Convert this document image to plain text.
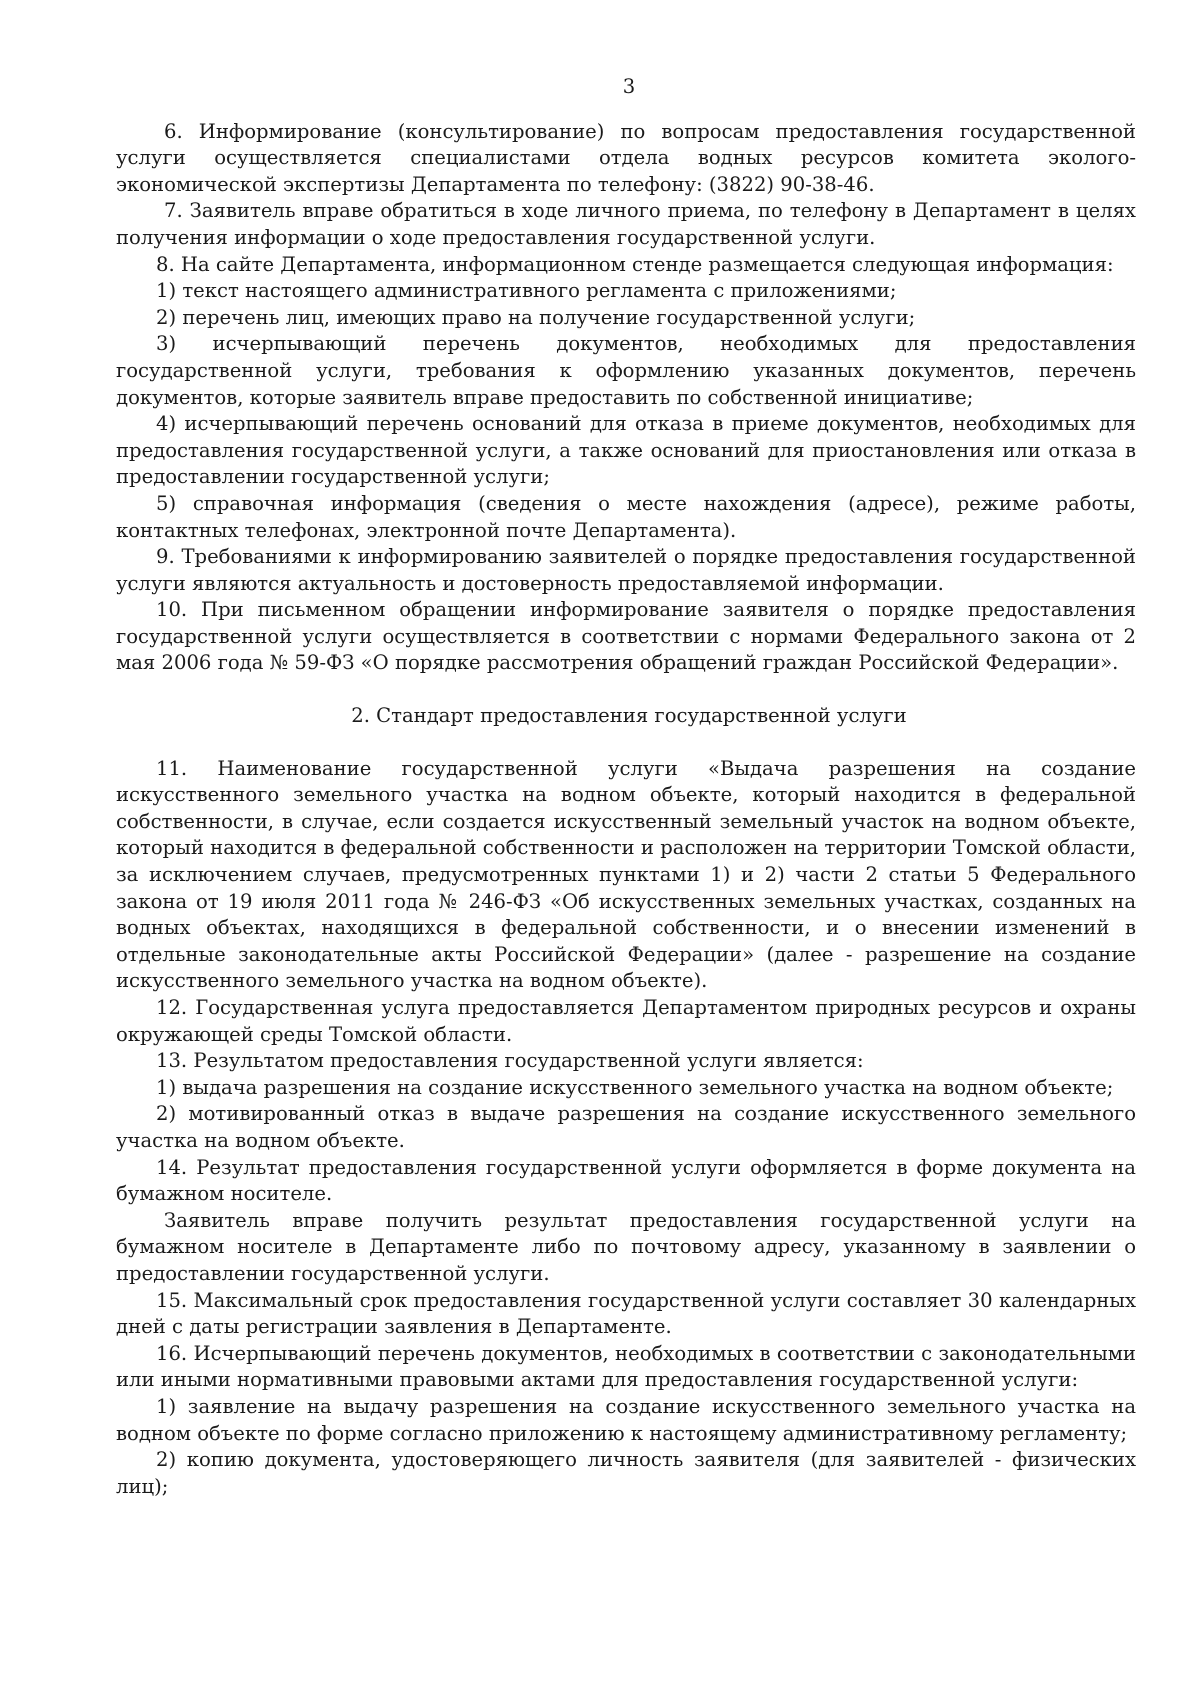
3

6. Информирование (консультирование) по вопросам предоставления государственной услуги осуществляется специалистами отдела водных ресурсов комитета эколого-экономической экспертизы Департамента по телефону: (3822) 90-38-46.

7. Заявитель вправе обратиться в ходе личного приема, по телефону в Департамент в целях получения информации о ходе предоставления государственной услуги.

8. На сайте Департамента, информационном стенде размещается следующая информация:

1) текст настоящего административного регламента с приложениями;

2) перечень лиц, имеющих право на получение государственной услуги;

3) исчерпывающий перечень документов, необходимых для предоставления государственной услуги, требования к оформлению указанных документов, перечень документов, которые заявитель вправе предоставить по собственной инициативе;

4) исчерпывающий перечень оснований для отказа в приеме документов, необходимых для предоставления государственной услуги, а также оснований для приостановления или отказа в предоставлении государственной услуги;

5) справочная информация (сведения о месте нахождения (адресе), режиме работы, контактных телефонах, электронной почте Департамента).

9. Требованиями к информированию заявителей о порядке предоставления государственной услуги являются актуальность и достоверность предоставляемой информации.

10. При письменном обращении информирование заявителя о порядке предоставления государственной услуги осуществляется в соответствии с нормами Федерального закона от 2 мая 2006 года № 59-ФЗ «О порядке рассмотрения обращений граждан Российской Федерации».

2. Стандарт предоставления государственной услуги

11. Наименование государственной услуги «Выдача разрешения на создание искусственного земельного участка на водном объекте, который находится в федеральной собственности, в случае, если создается искусственный земельный участок на водном объекте, который находится в федеральной собственности и расположен на территории Томской области, за исключением случаев, предусмотренных пунктами 1) и 2) части 2 статьи 5 Федерального закона от 19 июля 2011 года № 246-ФЗ «Об искусственных земельных участках, созданных на водных объектах, находящихся в федеральной собственности, и о внесении изменений в отдельные законодательные акты Российской Федерации» (далее - разрешение на создание искусственного земельного участка на водном объекте).

12. Государственная услуга предоставляется Департаментом природных ресурсов и охраны окружающей среды Томской области.

13. Результатом предоставления государственной услуги является:

1) выдача разрешения на создание искусственного земельного участка на водном объекте;

2) мотивированный отказ в выдаче разрешения на создание искусственного земельного участка на водном объекте.

14. Результат предоставления государственной услуги оформляется в форме документа на бумажном носителе.

Заявитель вправе получить результат предоставления государственной услуги на бумажном носителе в Департаменте либо по почтовому адресу, указанному в заявлении о предоставлении государственной услуги.

15. Максимальный срок предоставления государственной услуги составляет 30 календарных дней с даты регистрации заявления в Департаменте.

16. Исчерпывающий перечень документов, необходимых в соответствии с законодательными или иными нормативными правовыми актами для предоставления государственной услуги:

1) заявление на выдачу разрешения на создание искусственного земельного участка на водном объекте по форме согласно приложению к настоящему административному регламенту;

2) копию документа, удостоверяющего личность заявителя (для заявителей - физических лиц);
